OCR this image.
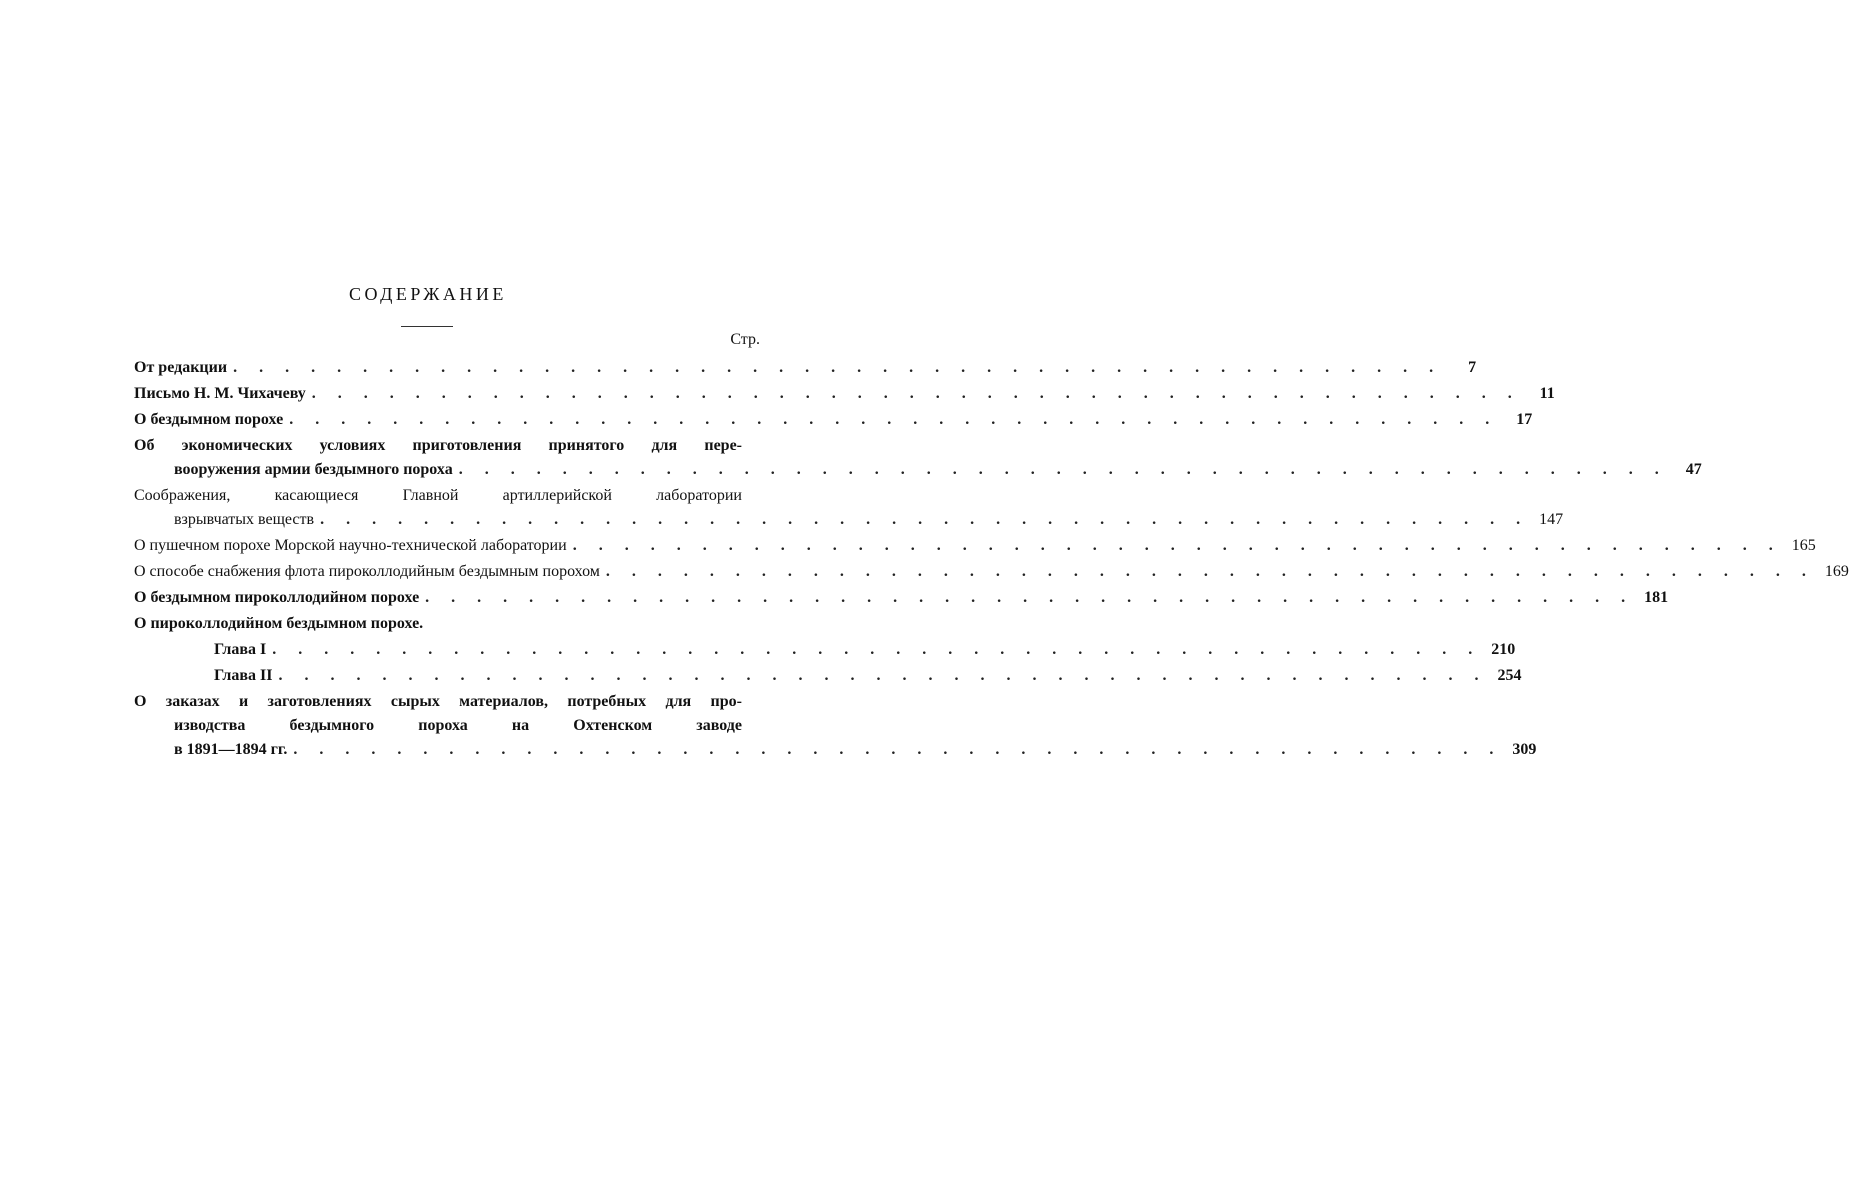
СОДЕРЖАНИЕ
Стр.
От редакции . . . . . . . . . . . . . . . . . . . . . . . . . . . . . . . . . . . . . . . . . . . . . . .	7
Письмо Н. М. Чихачеву . . . . . . . . . . . . . . . . . . . . . . . . . . . . . . . . . . . . . . . . . . . . . . .	11
О бездымном порохе . . . . . . . . . . . . . . . . . . . . . . . . . . . . . . . . . . . . . . . . . . . . . . .	17
Об экономических условиях приготовления принятого для пере-
вооружения армии бездымного пороха . . . . . . . . . . . . . . . . . . . . . . . . . . . . . . . . . . . . . . . . . . . . . . .	47
Соображения, касающиеся Главной артиллерийской лаборатории
взрывчатых веществ . . . . . . . . . . . . . . . . . . . . . . . . . . . . . . . . . . . . . . . . . . . . . . . 147
О пушечном порохе Морской научно-технической лаборатории . . . . . . . . . . . . . . . . . . . . . . . . . . . . . . . . . . . . . . . . . . . . . . . 165
О способе снабжения флота пироколлодийным бездымным порохом . . . . . . . . . . . . . . . . . . . . . . . . . . . . . . . . . . . . . . . . . . . . . . . 169
О бездымном пироколлодийном порохе . . . . . . . . . . . . . . . . . . . . . . . . . . . . . . . . . . . . . . . . . . . . . . . 181
О пироколлодийном бездымном порохе.
Глава I . . . . . . . . . . . . . . . . . . . . . . . . . . . . . . . . . . . . . . . . . . . . . . . 210
Глава II . . . . . . . . . . . . . . . . . . . . . . . . . . . . . . . . . . . . . . . . . . . . . . . 254
О заказах и заготовлениях сырых материалов, потребных для про-
изводства бездымного пороха на Охтенском заводе
в 1891—1894 гг. . . . . . . . . . . . . . . . . . . . . . . . . . . . . . . . . . . . . . . . . . . . . . . . 309
